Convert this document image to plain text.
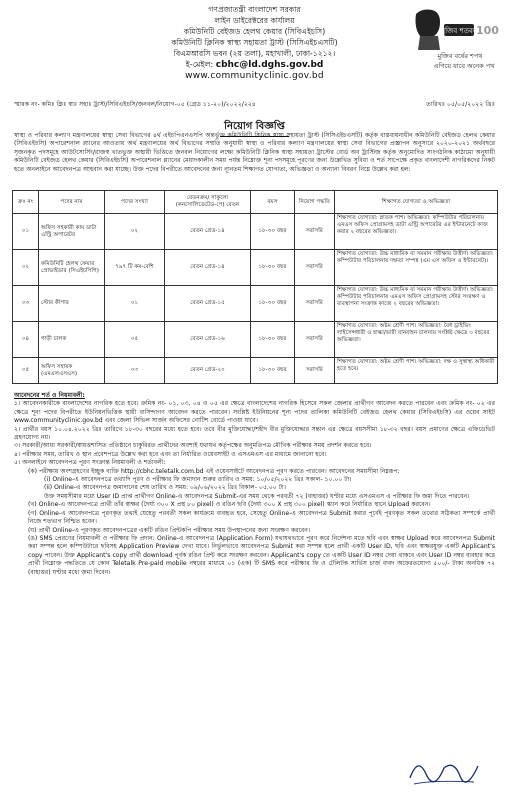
গণপ্রজাতন্ত্রী বাংলাদেশ সরকার
লাইন ডাইরেক্টরের কার্যালয়
কমিউনিটি বেইজড হেলথ কেয়ার (সিবিএইচসি)
কমিউনিটি ক্লিনিক স্বাস্থ্য সহায়তা ট্রাস্ট (সিসিএইচএসটি)
বিএমআরসি ভবন (২য় তলা), মহাখালী, ঢাকা-১২১২।
ই-মেইল: cbhc@ld.dghs.gov.bd
www.communityclinic.gov.bd
মুজিব শতবর্ষ 100
মুজিব বর্ষের শপথ
এগিয়ে যাবে অনেক পথ
স্মারক নং- কমিঃ ক্লিঃ স্বাঃ সহাঃ ট্রাস্ট/সিবিএইচসি/জনবল/নিয়োগ-০৫ (গ্রেড ১১-২০)/২০২২/২২৪	তারিখঃ ০৫/০৫/২০২২ খ্রিঃ
নিয়োগ বিজ্ঞপ্তি
স্বাস্থ্য ও পরিবার কল্যাণ মন্ত্রণালয়ের স্বাস্থ্য সেবা বিভাগের ৪র্থ এইচপিএনএসপি অন্তর্ভুক্ত কমিউনিটি ক্লিনিক স্বাস্থ্য সহায়তা ট্রাস্ট (সিসিএইচএসটি) কর্তৃক বাস্তবায়নাধীন কমিউনিটি বেইজড হেলথ কেয়ার (সিবিএইচসি) অপারেশনাল প্ল্যানের আওতায় অর্থ মন্ত্রণালয়ের অর্থ বিভাগের সম্মতি অনুযায়ী স্বাস্থ্য ও পরিবার কল্যাণ মন্ত্রণালয়ের স্বাস্থ্য সেবা বিভাগের প্রজ্ঞাপন অনুসারে ২০২০-২০২১ অর্থবছরে সৃজনকৃত পদসমূহে আউটসোর্সিং/রাজস্ব খাতভুক্ত অস্থায়ী ভিত্তিতে জনবল নিয়োগের লক্ষ্যে কমিউনিটি ক্লিনিক স্বাস্থ্য সহায়তা ট্রাস্টের বোর্ড অব ট্রাস্টিজ কর্তৃক অনুমোদিত সাংগঠনিক কাঠামো অনুযায়ী কমিউনিটি বেইজড হেলথ কেয়ার (সিবিএইচসি) অপারেশনাল প্ল্যানের মেয়াদকালীন সময় পর্যন্ত নিম্নোক্ত শূন্য পদসমূহে পূরণের জন্য উল্লেখিত সুবিধা ও শর্ত সাপেক্ষে প্রকৃত বাংলাদেশী নাগরিকদের নিকট হতে অনলাইনে আবেদনপত্র আহবান করা যাচ্ছে। উক্ত পদের বিপরীতে আবেদনের জন্য ন্যূনতম শিক্ষাগত যোগ্যতা, অভিজ্ঞতা ও অন্যান্য বিবরণ নিম্নে উল্লেখ করা হল:
ক্রঃ নং	পদের নাম	পদের সংখ্যা	বেতনক্রম/ সাকুল্যে (কনসোলিডেটেড-পে) বেতন	বয়স	নিয়োগ পদ্ধতি	শিক্ষাগত যোগ্যতা ও অভিজ্ঞতা
০১	অফিস সহকারী কাম ডাটা এন্ট্রি অপারেটর	০২	বেতন গ্রেড-১৪	১৮-৩০ বছর	সরাসরি	শিক্ষাগত যোগ্যতা: স্নাতক পাশ। অভিজ্ঞতা: কম্পিউটার পরিচালনায় এমএস অফিস প্রোগ্রামসহ ডাটা এন্ট্রি অপারেটর এর ইন্টারনেটে কাজ করার ২ বছরের অভিজ্ঞতা।
০২	কমিউনিটি হেলথ কেয়ার প্রোভাইডার (সিএইচসিপি)	৭৯৭ টি কম-বেশি	বেতন গ্রেড-১৪	১৮-৩০ বছর	সরাসরি	শিক্ষাগত যোগ্যতা: উচ্চ মাধ্যমিক বা সমমান পরীক্ষায় উত্তীর্ণ। অভিজ্ঞতা: কম্পিউটার পরিচালনায় দক্ষতা সম্পন্ন (এম এস অফিস ও ইন্টারনেট)।
০৩	স্টোর কীপার	০১	বেতন গ্রেড-১৫	১৮-৩০ বছর	সরাসরি	শিক্ষাগত যোগ্যতা: উচ্চ মাধ্যমিক বা সমমান পরীক্ষায় উত্তীর্ণ। অভিজ্ঞতা: কম্পিউটার পরিচালনায় এমএস অফিস প্রোগ্রামসহ স্টোর সংরক্ষণ ও ব্যবস্থাপনা সংক্রান্ত কাজে ২ বছরের অভিজ্ঞতা।
০৪	গাড়ী চালক	০৫	বেতন গ্রেড-১৬	১৮-৩০ বছর	সরাসরি	শিক্ষাগত যোগ্যতা: অষ্টম শ্রেণী পাশ। অভিজ্ঞতা: বৈধ ড্রাইভিং লাইসেন্সধারী ও হাল্কা/ভারী যানবাহন চালনায় সংশ্লিষ্ট ক্ষেত্রে ৩ বছরের অভিজ্ঞতা।
০৫	অফিস সহায়ক (এমএলএসএস)	০৩	বেতন গ্রেড-২০	১৮-৩০ বছর	সরাসরি	শিক্ষাগত যোগ্যতা: অষ্টম শ্রেণী পাশ। অভিজ্ঞতা: দক্ষ ও সুস্বাস্থ্য অধিকারী হতে হবে।
আবেদনের শর্ত ও নিয়মাবলী:

১। আবেদনকারীকে বাংলাদেশের নাগরিক হতে হবে। ক্রমিক নং- ০১, ০৩, ০৪ ও ০৫ এর ক্ষেত্রে বাংলাদেশের নাগরিক হিসেবে সকল জেলার প্রার্থীগণ আবেদন করতে পারবেন এবং ক্রমিক নং- ০২ এর ক্ষেত্রে শূন্য পদের বিপরীতে ইউনিয়নভিত্তিক স্থায়ী বাসিন্দাগণ আবেদন করতে পারবেন। সংশ্লিষ্ট ইউনিয়নের শূন্য পদের তালিকা কমিউনিটি বেইজড হেলথ কেয়ার (সিবিএইচসি) এর ওয়েব সাইট www.communityclinic.gov.bd এবং জেলা সিভিল সার্জন অফিসের নোটিশ বোর্ডে পাওয়া যাবে।

২। প্রার্থীর বয়স ১০.০৪.২০২২ খ্রিঃ তারিখে ১৮-৩০ বছরের মধ্যে হতে হবে। তবে বীর মুক্তিযোদ্ধা/শহীদ বীর মুক্তিযোদ্ধার সন্তান এর ক্ষেত্রে বয়সসীমা ১৮-৩২ বছর। বয়স প্রমাণের ক্ষেত্রে এফিডেভিট গ্রহণযোগ্য নয়।

৩। সরকারী/আধা সরকারী/স্বায়ত্তশাসিত প্রতিষ্ঠানে চাকুরিরত প্রার্থীদের অবশ্যই যথাযথ কর্তৃপক্ষের অনুমতিপত্র মৌখিক পরীক্ষার সময় প্রদর্শন করতে হবে।

৪। পরীক্ষার সময়, তারিখ ও স্থান প্রবেশপত্রে উল্লেখ করা হবে এবং তা নির্ধারিত ওয়েবসাইট ও এসএমএস এর মাধ্যমে জানানো হবে।

৫। অনলাইনে আবেদনপত্র পূরণ সংক্রান্ত নিয়মাবলী ও শর্তাবলী:

(ক) পরীক্ষায় অংশগ্রহণের ইচ্ছুক ব্যক্তি http://cbhc.teletalk.com.bd এই ওয়েবসাইটে আবেদনপত্র পূরণ করতে পারবেন। আবেদনের সময়সীমা নিম্নরূপ:

(i) Online-এ আবেদনপত্রে তথ্যাদি পূরণ ও পরীক্ষার ফি জমাদান শুরুর তারিখ ও সময়: ১০/০৫/২০২২ খ্রিঃ সকাল- ১০.০০ টা।

(ii) Online-এ আবেদনপত্র জমাদানের শেষ তারিখ ও সময়: ০৯/০৬/২০২২ খ্রিঃ বিকাল- ০৫.০০ টা।

উক্ত সময়সীমার মধ্যে User ID প্রাপ্ত প্রার্থীগণ Online-এ আবেদনপত্র Submit-এর সময় থেকে পরবর্তী ৭২ (বাহাত্তর) ঘণ্টার মধ্যে এসএমএস এ পরীক্ষার ফি জমা দিতে পারবেন।

(খ) Online-এ আবেদনপত্রে প্রার্থী তাঁর স্বাক্ষর (দৈর্ঘ্য ৩০০ X প্রস্থ ৮০ pixel) ও রঙিন ছবি (দৈর্ঘ্য ৩০০ X প্রস্থ ৩০০ pixel) স্ক্যান করে নির্ধারিত স্থানে Upload করবেন।

(গ) Online-এ আবেদনপত্রে পূরণকৃত তথ্যই যেহেতু পরবর্তী সকল কার্যক্রমে ব্যবহৃত হবে, সেহেতু Online-এ আবেদনপত্র Submit করার পূর্বেই পূরণকৃত সকল তথ্যের সঠিকতা সম্পর্কে প্রার্থী নিজে শতভাগ নিশ্চিত হবেন।

(ঘ) প্রার্থী Online-এ পূরণকৃত আবেদনপত্রের একটি রঙিন প্রিন্টকপি পরীক্ষার সময় উপস্থাপনের জন্য সংরক্ষণ করবেন।

(ঙ) SMS প্রেরণের নিয়মাবলী ও পরীক্ষার ফি প্রদান: Online-এ আবেদনপত্র (Application Form) যথাযথভাবে পূরণ করে নির্দেশনা মতে ছবি এবং স্বাক্ষর Upload করে আবেদনপত্র Submit করা সম্পন্ন হলে কম্পিউটারে ছবিসহ Application Preview দেখা যাবে। নির্ভুলভাবে আবেদনপত্র Submit করা সম্পন্ন হলে প্রার্থী একটি User ID, ছবি এবং স্বাক্ষরযুক্ত একটি Applicant's copy পাবেন। উক্ত Applicant's copy প্রার্থী download পূর্বক রঙিন প্রিন্ট করে সংরক্ষণ করবেন। Applicant's copy তে একটি User ID নম্বর দেয়া থাকবে এবং User ID নম্বর ব্যবহার করে প্রার্থী নিম্নোক্ত পদ্ধতিতে যে কোন Teletalk Pre-paid mobile নম্বরের মাধ্যমে ০১ (এক) টি SMS করে পরীক্ষার ফি ও টেলিটক সার্ভিস চার্জ বাবদ অফেরতযোগ্য ৫০০/- টাকা অনধিক ৭২ (বাহাত্তর) ঘণ্টার মধ্যে জমা দিবেন।
